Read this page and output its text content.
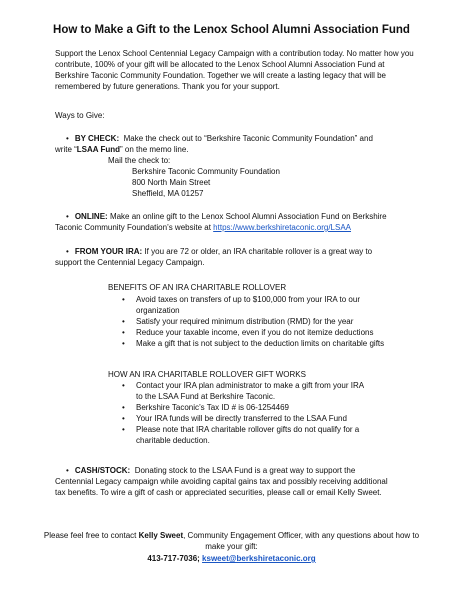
How to Make a Gift to the Lenox School Alumni Association Fund
Support the Lenox School Centennial Legacy Campaign with a contribution today. No matter how you
contribute, 100% of your gift will be allocated to the Lenox School Alumni Association Fund at
Berkshire Taconic Community Foundation. Together we will create a lasting legacy that will be
remembered by future generations. Thank you for your support.
Ways to Give:
• BY CHECK: Make the check out to “Berkshire Taconic Community Foundation” and
write “LSAA Fund” on the memo line.
Mail the check to:
Berkshire Taconic Community Foundation
800 North Main Street
Sheffield, MA 01257
• ONLINE: Make an online gift to the Lenox School Alumni Association Fund on Berkshire
Taconic Community Foundation’s website at https://www.berkshiretaconic.org/LSAA
• FROM YOUR IRA: If you are 72 or older, an IRA charitable rollover is a great way to
support the Centennial Legacy Campaign.
BENEFITS OF AN IRA CHARITABLE ROLLOVER
• Avoid taxes on transfers of up to $100,000 from your IRA to our
organization
• Satisfy your required minimum distribution (RMD) for the year
• Reduce your taxable income, even if you do not itemize deductions
• Make a gift that is not subject to the deduction limits on charitable gifts
HOW AN IRA CHARITABLE ROLLOVER GIFT WORKS
• Contact your IRA plan administrator to make a gift from your IRA
to the LSAA Fund at Berkshire Taconic.
• Berkshire Taconic’s Tax ID # is 06-1254469
• Your IRA funds will be directly transferred to the LSAA Fund
• Please note that IRA charitable rollover gifts do not qualify for a
charitable deduction.
• CASH/STOCK: Donating stock to the LSAA Fund is a great way to support the
Centennial Legacy campaign while avoiding capital gains tax and possibly receiving additional
tax benefits. To wire a gift of cash or appreciated securities, please call or email Kelly Sweet.
Please feel free to contact Kelly Sweet, Community Engagement Officer, with any questions about how to
make your gift:
413-717-7036; ksweet@berkshiretaconic.org
